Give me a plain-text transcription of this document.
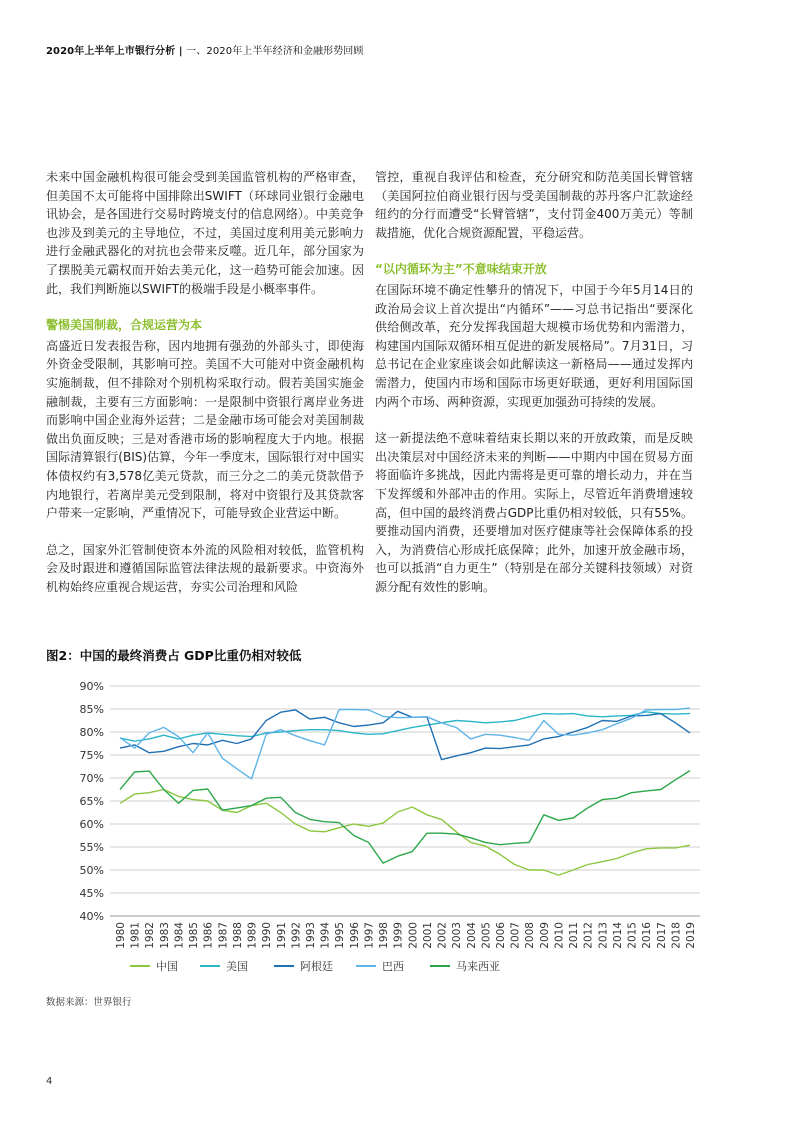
2020年上半年上市银行分析 | 一、2020年上半年经济和金融形势回顾

未来中国金融机构很可能会受到美国监管机构的严格审查，但美国不太可能将中国排除出SWIFT（环球同业银行金融电讯协会，是各国进行交易时跨境支付的信息网络）。中美竞争也涉及到美元的主导地位，不过，美国过度利用美元影响力进行金融武器化的对抗也会带来反噬。近几年，部分国家为了摆脱美元霸权而开始去美元化，这一趋势可能会加速。因此，我们判断施以SWIFT的极端手段是小概率事件。

警惕美国制裁，合规运营为本

高盛近日发表报告称，因内地拥有强劲的外部头寸，即使海外资金受限制，其影响可控。美国不大可能对中资金融机构实施制裁，但不排除对个别机构采取行动。假若美国实施金融制裁，主要有三方面影响：一是限制中资银行离岸业务进而影响中国企业海外运营；二是金融市场可能会对美国制裁做出负面反映；三是对香港市场的影响程度大于内地。根据国际清算银行(BIS)估算，今年一季度末，国际银行对中国实体债权约有3,578亿美元贷款，而三分之二的美元贷款借予内地银行，若离岸美元受到限制，将对中资银行及其贷款客户带来一定影响，严重情况下，可能导致企业营运中断。

总之，国家外汇管制使资本外流的风险相对较低，监管机构会及时跟进和遵循国际监管法律法规的最新要求。中资海外机构始终应重视合规运营，夯实公司治理和风险

管控，重视自我评估和检查，充分研究和防范美国长臂管辖（美国阿拉伯商业银行因与受美国制裁的苏丹客户汇款途经纽约的分行而遭受“长臂管辖”，支付罚金400万美元）等制裁措施，优化合规资源配置，平稳运营。

“以内循环为主”不意味结束开放

在国际环境不确定性攀升的情况下，中国于今年5月14日的政治局会议上首次提出“内循环”——习总书记指出“要深化供给侧改革，充分发挥我国超大规模市场优势和内需潜力，构建国内国际双循环相互促进的新发展格局”。7月31日，习总书记在企业家座谈会如此解读这一新格局——通过发挥内需潜力，使国内市场和国际市场更好联通，更好利用国际国内两个市场、两种资源，实现更加强劲可持续的发展。

这一新提法绝不意味着结束长期以来的开放政策，而是反映出决策层对中国经济未来的判断——中期内中国在贸易方面将面临许多挑战，因此内需将是更可靠的增长动力，并在当下发挥缓和外部冲击的作用。实际上，尽管近年消费增速较高，但中国的最终消费占GDP比重仍相对较低，只有55%。要推动国内消费，还要增加对医疗健康等社会保障体系的投入，为消费信心形成托底保障；此外，加速开放金融市场，也可以抵消“自力更生”（特别是在部分关键科技领域）对资源分配有效性的影响。

图2：中国的最终消费占 GDP比重仍相对较低
40%
45%
50%
55%
60%
65%
70%
75%
80%
85%
90%
1980 1981 1982 1983 1984 1985 1986 1987 1988 1989 1990 1991 1992 1993 1994 1995 1996 1997 1998 1999 2000 2001 2002 2003 2004 2005 2006 2007 2008 2009 2010 2011 2012 2013 2014 2015 2016 2017 2018 2019
中国	美国	阿根廷	巴西	马来西亚
数据来源：世界银行
4
